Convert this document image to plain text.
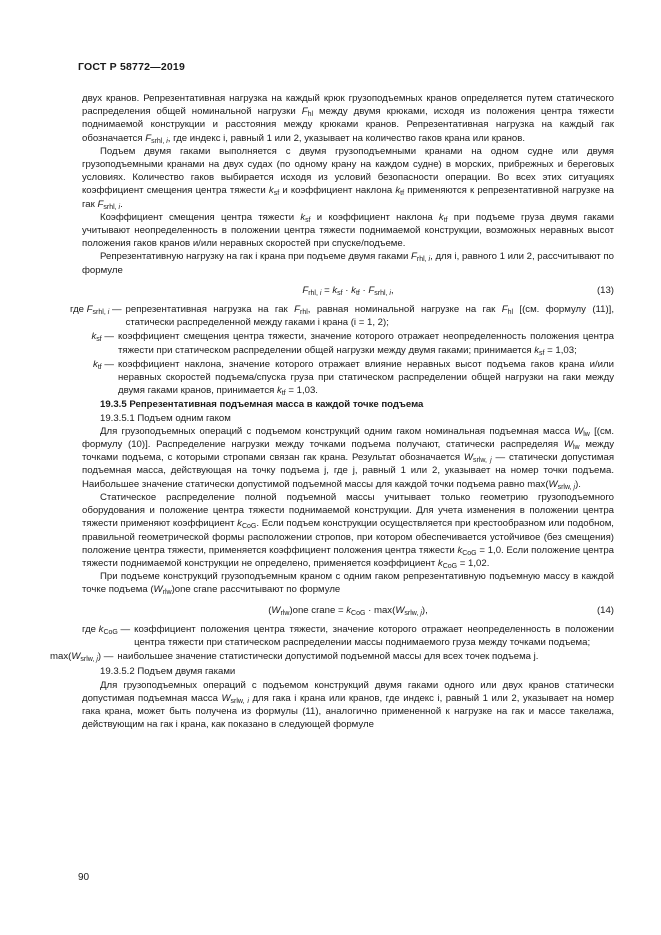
ГОСТ Р 58772—2019

двух кранов. Репрезентативная нагрузка на каждый крюк грузоподъемных кранов определяется путем статического распределения общей номинальной нагрузки $F_{hl}$ между двумя крюками, исходя из положения центра тяжести поднимаемой конструкции и расстояния между крюками кранов. Репрезентативная нагрузка на каждый гак обозначается $F_{srhl, i}$, где индекс i, равный 1 или 2, указывает на количество гаков крана или кранов.

Подъем двумя гаками выполняется с двумя грузоподъемными кранами на одном судне или двумя грузоподъемными кранами на двух судах (по одному крану на каждом судне) в морских, прибрежных и береговых условиях. Количество гаков выбирается исходя из условий безопасности операции. Во всех этих ситуациях коэффициент смещения центра тяжести $k_{sf}$ и коэффициент наклона $k_{tf}$ применяются к репрезентативной нагрузке на гак $F_{srhl, i}$.

Коэффициент смещения центра тяжести $k_{sf}$ и коэффициент наклона $k_{tf}$ при подъеме груза двумя гаками учитывают неопределенность в положении центра тяжести поднимаемой конструкции, возможных неравных высот положения гаков кранов и/или неравных скоростей при спуске/подъеме.

Репрезентативную нагрузку на гак i крана при подъеме двумя гаками $F_{rhl, i}$, для i, равного 1 или 2, рассчитывают по формуле

$F_{rhl, i} = k_{sf} \cdot k_{tf} \cdot F_{srhl, i}$,	(13)
где $F_{srhl, i}$ — репрезентативная нагрузка на гак $F_{rhl}$, равная номинальной нагрузке на гак $F_{hl}$ [(см. формулу (11)], статически распределенной между гаками i крана (i = 1, 2);
$k_{sf}$ — коэффициент смещения центра тяжести, значение которого отражает неопределенность положения центра тяжести при статическом распределении общей нагрузки между двумя гаками; принимается $k_{sf} = 1,03$;
$k_{tf}$ — коэффициент наклона, значение которого отражает влияние неравных высот подъема гаков крана и/или неравных скоростей подъема/спуска груза при статическом распределении общей нагрузки на гаки между двумя гаками кранов, принимается $k_{tf} = 1,03$.

19.3.5 Репрезентативная подъемная масса в каждой точке подъема

19.3.5.1 Подъем одним гаком

Для грузоподъемных операций с подъемом конструкций одним гаком номинальная подъемная масса $W_{lw}$ [(см. формулу (10)]. Распределение нагрузки между точками подъема получают, статически распределяя $W_{lw}$ между точками подъема, с которыми стропами связан гак крана. Результат обозначается $W_{srlw, j}$ — статически допустимая подъемная масса, действующая на точку подъема j, где j, равный 1 или 2, указывает на номер точки подъема. Наибольшее значение статически допустимой подъемной массы для каждой точки подъема равно $\max(W_{srlw, j})$.

Статическое распределение полной подъемной массы учитывает только геометрию грузоподъемного оборудования и положение центра тяжести поднимаемой конструкции. Для учета изменения в положении центра тяжести применяют коэффициент $k_{CoG}$. Если подъем конструкции осуществляется при крестообразном или подобном, правильной геометрической формы расположении стропов, при котором обеспечивается устойчивое (без смещения) положение центра тяжести, применяется коэффициент положения центра тяжести $k_{CoG} = 1,0$. Если положение центра тяжести поднимаемой конструкции не определено, применяется коэффициент $k_{CoG} = 1,02$.

При подъеме конструкций грузоподъемным краном с одним гаком репрезентативную подъемную массу в каждой точке подъема $(W_{rlw})one$ crane рассчитывают по формуле

$(W_{rlw})one$ crane = $k_{CoG} \cdot \max(W_{srlw, j})$,	(14)
где $k_{CoG}$ — коэффициент положения центра тяжести, значение которого отражает неопределенность в положении центра тяжести при статическом распределении массы поднимаемого груза между точками подъема;
$\max(W_{srlw, j})$ — наибольшее значение статистически допустимой подъемной массы для всех точек подъема j.

19.3.5.2 Подъем двумя гаками

Для грузоподъемных операций с подъемом конструкций двумя гаками одного или двух кранов статически допустимая подъемная масса $W_{srlw, i}$ для гака i крана или кранов, где индекс i, равный 1 или 2, указывает на номер гака крана, может быть получена из формулы (11), аналогично примененной к нагрузке на гак и массе такелажа, действующим на гак i крана, как показано в следующей формуле

90
